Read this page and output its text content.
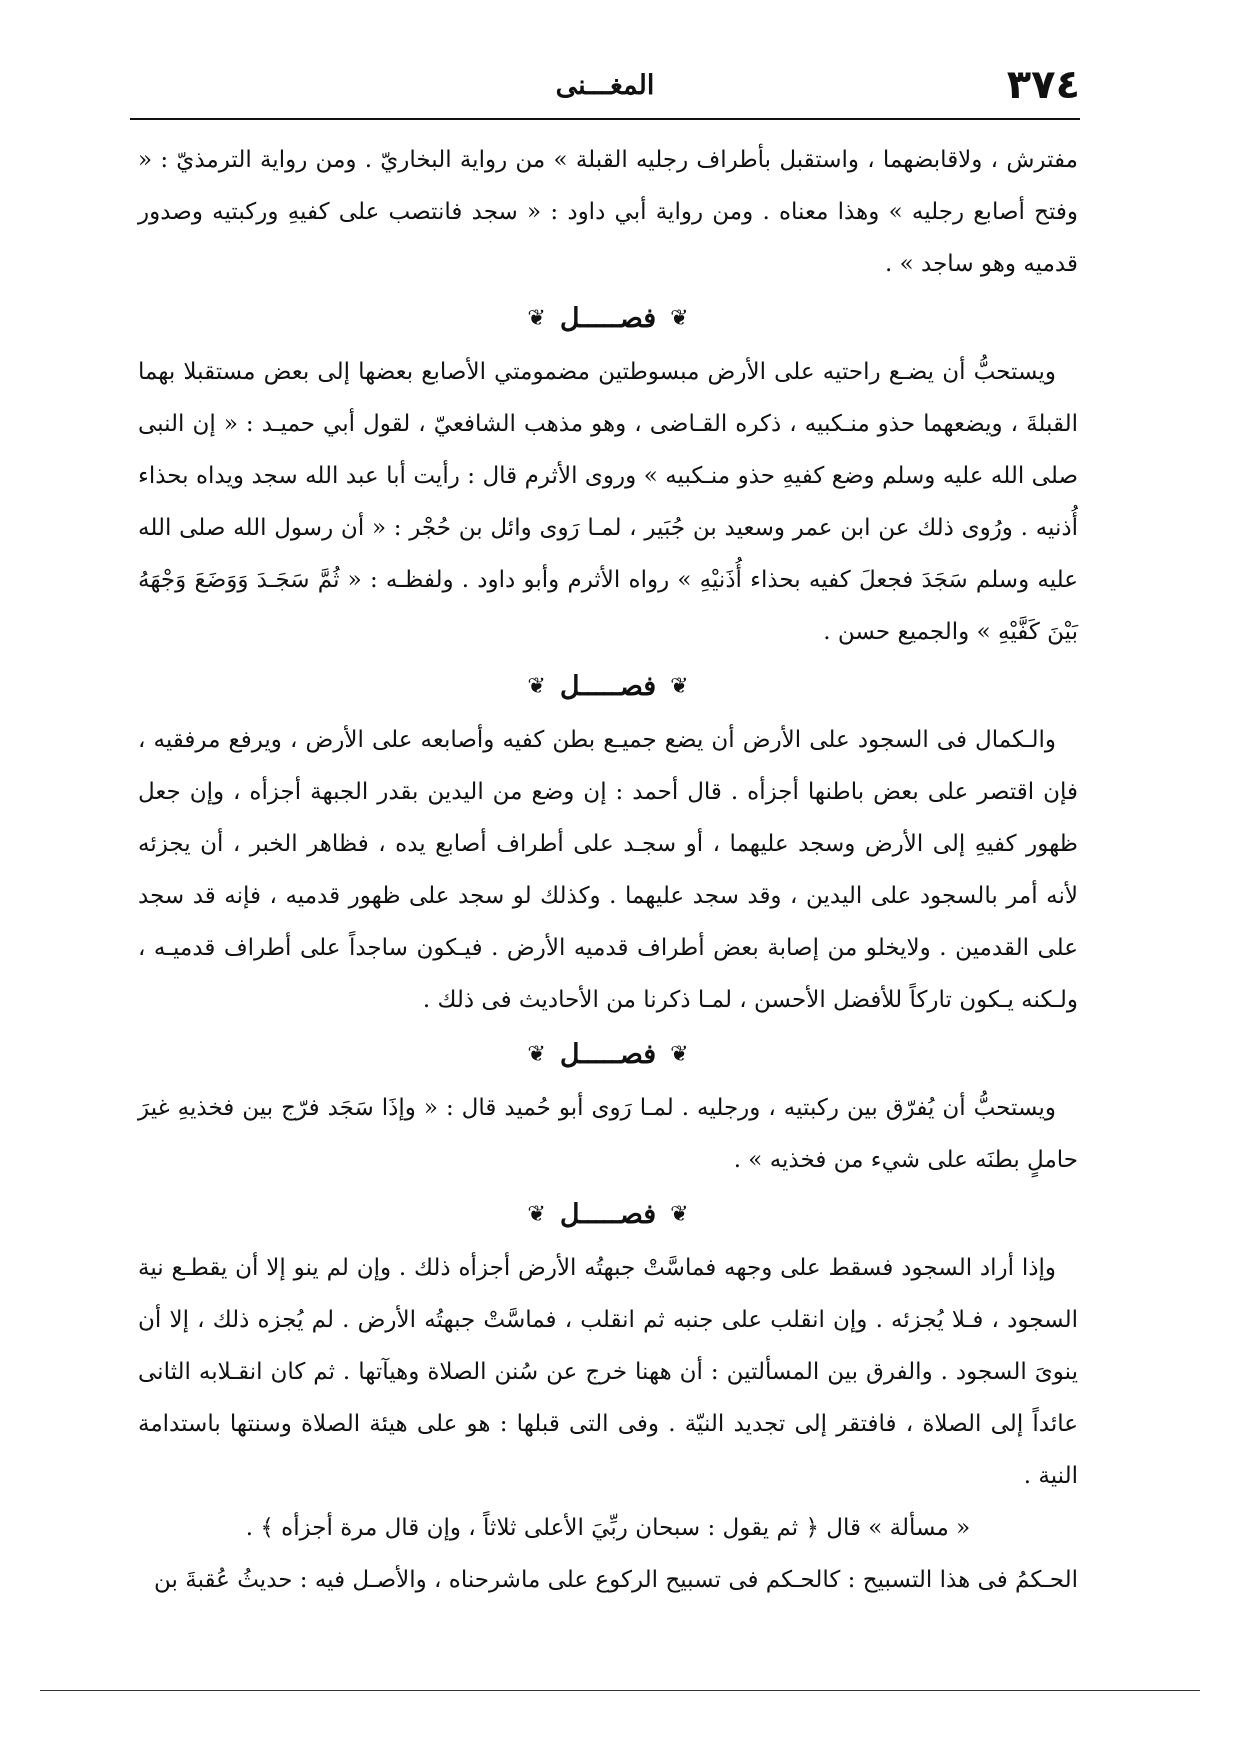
٣٧٤
المغـــنى

مفترش ، ولاقابضهما ، واستقبل بأطراف رجليه القبلة » من رواية البخاريّ . ومن رواية الترمذيّ : « وفتح أصابع رجليه » وهذا معناه . ومن رواية أبي داود : « سجد فانتصب على كفيهِ وركبتيه وصدور قدميه وهو ساجد » .

❦فصـــــل❦

ويستحبُّ أن يضـع راحتيه على الأرض مبسوطتين مضمومتي الأصابع بعضها إلى بعض مستقبلا بهما القبلةَ ، ويضعهما حذو منـكبيه ، ذكره القـاضى ، وهو مذهب الشافعيّ ، لقول أبي حميـد : « إن النبى صلى الله عليه وسلم وضع كفيهِ حذو منـكبيه » وروى الأثرم قال : رأيت أبا عبد الله سجد ويداه بحذاء أُذنيه . ورُوى ذلك عن ابن عمر وسعيد بن جُبَير ، لمـا رَوى وائل بن حُجْر : « أن رسول الله صلى الله عليه وسلم سَجَدَ فجعلَ كفيه بحذاء أُذَنيْهِ » رواه الأثرم وأبو داود . ولفظـه : « ثُمَّ سَجَـدَ وَوَضَعَ وَجْهَهُ بَيْنَ كَفَّيْهِ » والجميع حسن .

❦فصـــــل❦

والـكمال فى السجود على الأرض أن يضع جميـع بطن كفيه وأصابعه على الأرض ، ويرفع مرفقيه ، فإن اقتصر على بعض باطنها أجزأه . قال أحمد : إن وضع من اليدين بقدر الجبهة أجزأه ، وإن جعل ظهور كفيهِ إلى الأرض وسجد عليهما ، أو سجـد على أطراف أصابع يده ، فظاهر الخبر ، أن يجزئه لأنه أمر بالسجود على اليدين ، وقد سجد عليهما . وكذلك لو سجد على ظهور قدميه ، فإنه قد سجد على القدمين . ولايخلو من إصابة بعض أطراف قدميه الأرض . فيـكون ساجداً على أطراف قدميـه ، ولـكنه يـكون تاركاً للأفضل الأحسن ، لمـا ذكرنا من الأحاديث فى ذلك .

❦فصـــــل❦

ويستحبُّ أن يُفرّق بين ركبتيه ، ورجليه . لمـا رَوى أبو حُميد قال : « وإذَا سَجَد فرّج بين فخذيهِ غيرَ حاملٍ بطنَه على شيء من فخذيه » .

❦فصـــــل❦

وإذا أراد السجود فسقط على وجهه فماسَّتْ جبهتُه الأرض أجزأه ذلك . وإن لم ينو إلا أن يقطـع نية السجود ، فـلا يُجزئه . وإن انقلب على جنبه ثم انقلب ، فماسَّتْ جبهتُه الأرض . لم يُجزه ذلك ، إلا أن ينوىَ السجود . والفرق بين المسألتين : أن ههنا خرج عن سُنن الصلاة وهيآتها . ثم كان انقـلابه الثانى عائداً إلى الصلاة ، فافتقر إلى تجديد النيّة . وفى التى قبلها : هو على هيئة الصلاة وسنتها باستدامة النية .

« مسألة » قال ﴿ ثم يقول : سبحان ربِّيَ الأعلى ثلاثاً ، وإن قال مرة أجزأه ﴾ .

الحـكمُ فى هذا التسبيح : كالحـكم فى تسبيح الركوع على ماشرحناه ، والأصـل فيه : حديثُ عُقبةَ بن
